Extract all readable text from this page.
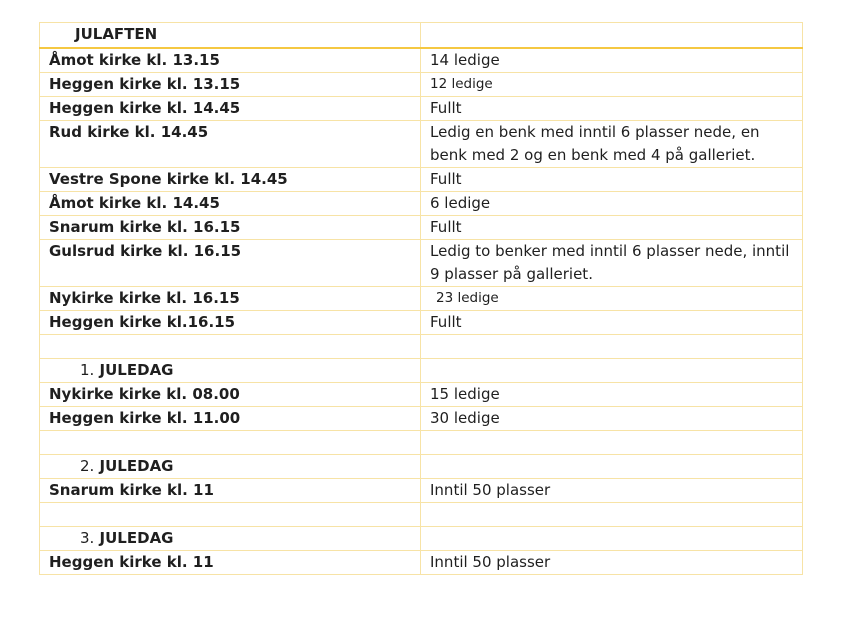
JULAFTEN	
Åmot kirke kl. 13.15	14 ledige
Heggen kirke kl. 13.15	12 ledige
Heggen kirke kl. 14.45	Fullt
Rud kirke kl. 14.45	Ledig en benk med inntil 6 plasser nede, en benk med 2 og en benk med 4 på galleriet.
Vestre Spone kirke kl. 14.45	Fullt
Åmot kirke kl. 14.45	6 ledige
Snarum kirke kl. 16.15	Fullt
Gulsrud kirke kl. 16.15	Ledig to benker med inntil 6 plasser nede, inntil 9 plasser på galleriet.
Nykirke kirke kl. 16.15	23 ledige
Heggen kirke kl.16.15	Fullt

1. JULEDAG	
Nykirke kirke kl. 08.00	15 ledige
Heggen kirke kl. 11.00	30 ledige

2. JULEDAG	
Snarum kirke kl. 11	Inntil 50 plasser

3. JULEDAG	
Heggen kirke kl. 11	Inntil 50 plasser
